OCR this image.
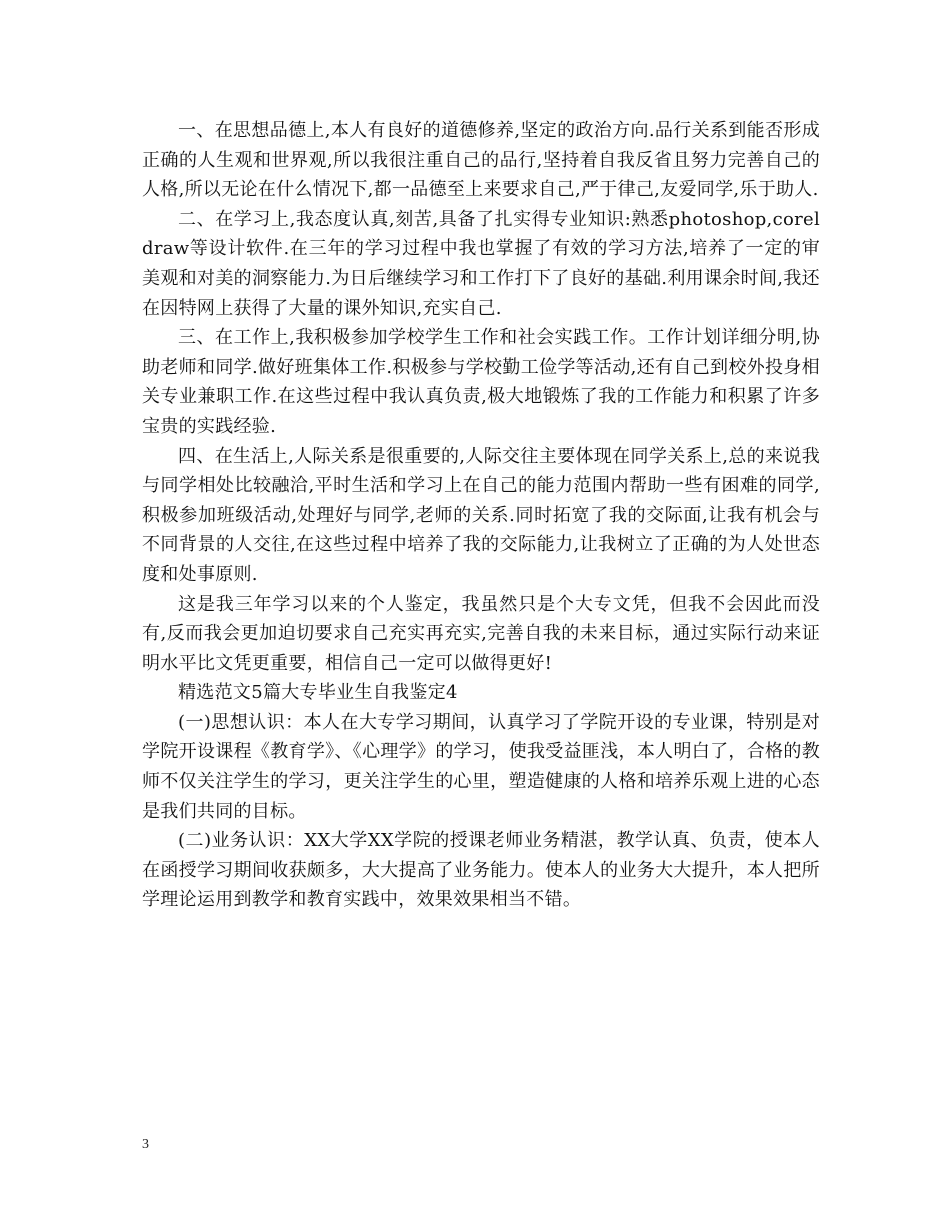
一、在思想品德上,本人有良好的道德修养,坚定的政治方向.品行关系到能否形成正确的人生观和世界观,所以我很注重自己的品行,坚持着自我反省且努力完善自己的人格,所以无论在什么情况下,都一品德至上来要求自己,严于律己,友爱同学,乐于助人.

二、在学习上,我态度认真,刻苦,具备了扎实得专业知识:熟悉photoshop,coreldraw等设计软件.在三年的学习过程中我也掌握了有效的学习方法,培养了一定的审美观和对美的洞察能力.为日后继续学习和工作打下了良好的基础.利用课余时间,我还在因特网上获得了大量的课外知识,充实自己.

三、在工作上,我积极参加学校学生工作和社会实践工作。工作计划详细分明,协助老师和同学.做好班集体工作.积极参与学校勤工俭学等活动,还有自己到校外投身相关专业兼职工作.在这些过程中我认真负责,极大地锻炼了我的工作能力和积累了许多宝贵的实践经验.

四、在生活上,人际关系是很重要的,人际交往主要体现在同学关系上,总的来说我与同学相处比较融洽,平时生活和学习上在自己的能力范围内帮助一些有困难的同学,积极参加班级活动,处理好与同学,老师的关系.同时拓宽了我的交际面,让我有机会与不同背景的人交往,在这些过程中培养了我的交际能力,让我树立了正确的为人处世态度和处事原则.

这是我三年学习以来的个人鉴定，我虽然只是个大专文凭，但我不会因此而没有,反而我会更加迫切要求自己充实再充实,完善自我的未来目标，通过实际行动来证明水平比文凭更重要，相信自己一定可以做得更好!

精选范文5篇大专毕业生自我鉴定4

(一)思想认识：本人在大专学习期间，认真学习了学院开设的专业课，特别是对学院开设课程《教育学》、《心理学》的学习，使我受益匪浅，本人明白了，合格的教师不仅关注学生的学习，更关注学生的心里，塑造健康的人格和培养乐观上进的心态是我们共同的目标。

(二)业务认识：XX大学XX学院的授课老师业务精湛，教学认真、负责，使本人在函授学习期间收获颇多，大大提高了业务能力。使本人的业务大大提升，本人把所学理论运用到教学和教育实践中，效果效果相当不错。

3
